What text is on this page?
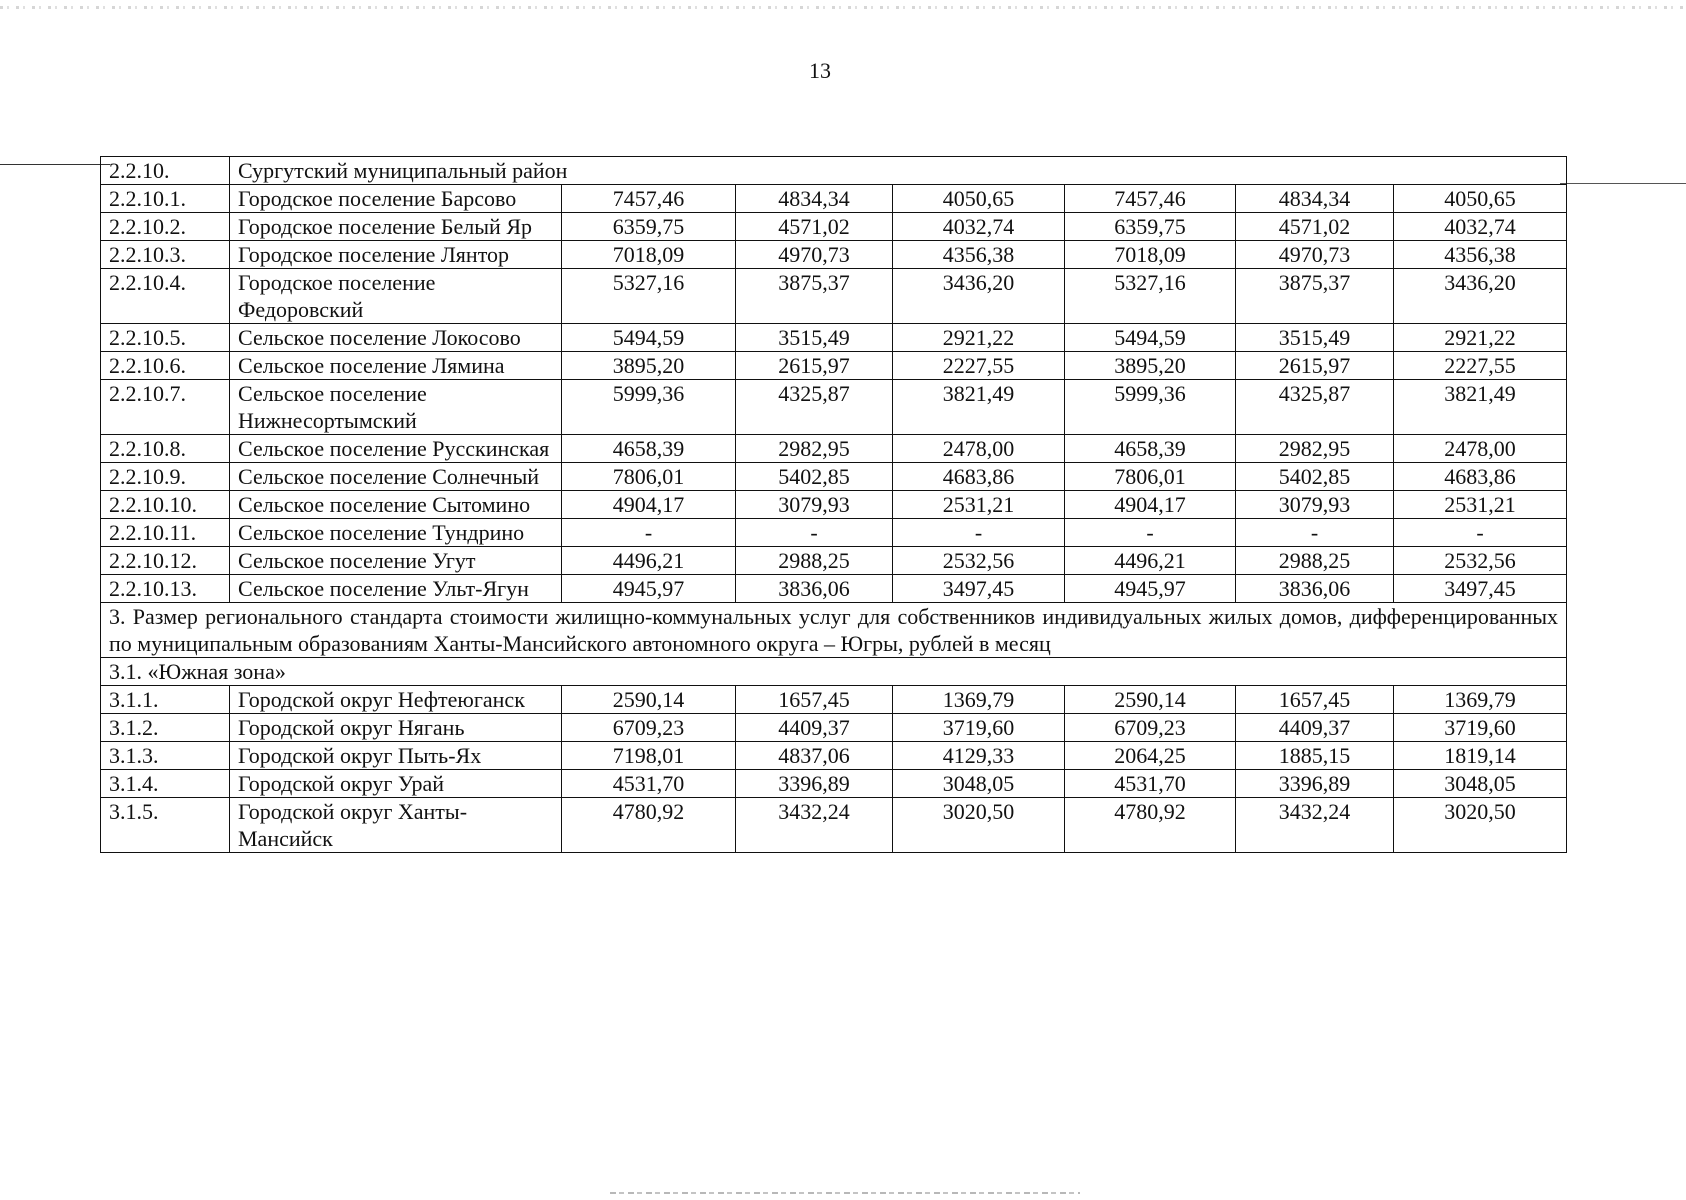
13
2.2.10.	Сургутский муниципальный район						
2.2.10.1.	Городское поселение Барсово	7457,46	4834,34	4050,65	7457,46	4834,34	4050,65
2.2.10.2.	Городское поселение Белый Яр	6359,75	4571,02	4032,74	6359,75	4571,02	4032,74
2.2.10.3.	Городское поселение Лянтор	7018,09	4970,73	4356,38	7018,09	4970,73	4356,38
2.2.10.4.	Городское поселение Федоровский	5327,16	3875,37	3436,20	5327,16	3875,37	3436,20
2.2.10.5.	Сельское поселение Локосово	5494,59	3515,49	2921,22	5494,59	3515,49	2921,22
2.2.10.6.	Сельское поселение Лямина	3895,20	2615,97	2227,55	3895,20	2615,97	2227,55
2.2.10.7.	Сельское поселение Нижнесортымский	5999,36	4325,87	3821,49	5999,36	4325,87	3821,49
2.2.10.8.	Сельское поселение Русскинская	4658,39	2982,95	2478,00	4658,39	2982,95	2478,00
2.2.10.9.	Сельское поселение Солнечный	7806,01	5402,85	4683,86	7806,01	5402,85	4683,86
2.2.10.10.	Сельское поселение Сытомино	4904,17	3079,93	2531,21	4904,17	3079,93	2531,21
2.2.10.11.	Сельское поселение Тундрино	-	-	-	-	-	-
2.2.10.12.	Сельское поселение Угут	4496,21	2988,25	2532,56	4496,21	2988,25	2532,56
2.2.10.13.	Сельское поселение Ульт-Ягун	4945,97	3836,06	3497,45	4945,97	3836,06	3497,45
3. Размер регионального стандарта стоимости жилищно-коммунальных услуг для собственников индивидуальных жилых домов, дифференцированных по муниципальным образованиям Ханты-Мансийского автономного округа – Югры, рублей в месяц							
3.1. «Южная зона»							
3.1.1.	Городской округ Нефтеюганск	2590,14	1657,45	1369,79	2590,14	1657,45	1369,79
3.1.2.	Городской округ Нягань	6709,23	4409,37	3719,60	6709,23	4409,37	3719,60
3.1.3.	Городской округ Пыть-Ях	7198,01	4837,06	4129,33	2064,25	1885,15	1819,14
3.1.4.	Городской округ Урай	4531,70	3396,89	3048,05	4531,70	3396,89	3048,05
3.1.5.	Городской округ Ханты-Мансийск	4780,92	3432,24	3020,50	4780,92	3432,24	3020,50
